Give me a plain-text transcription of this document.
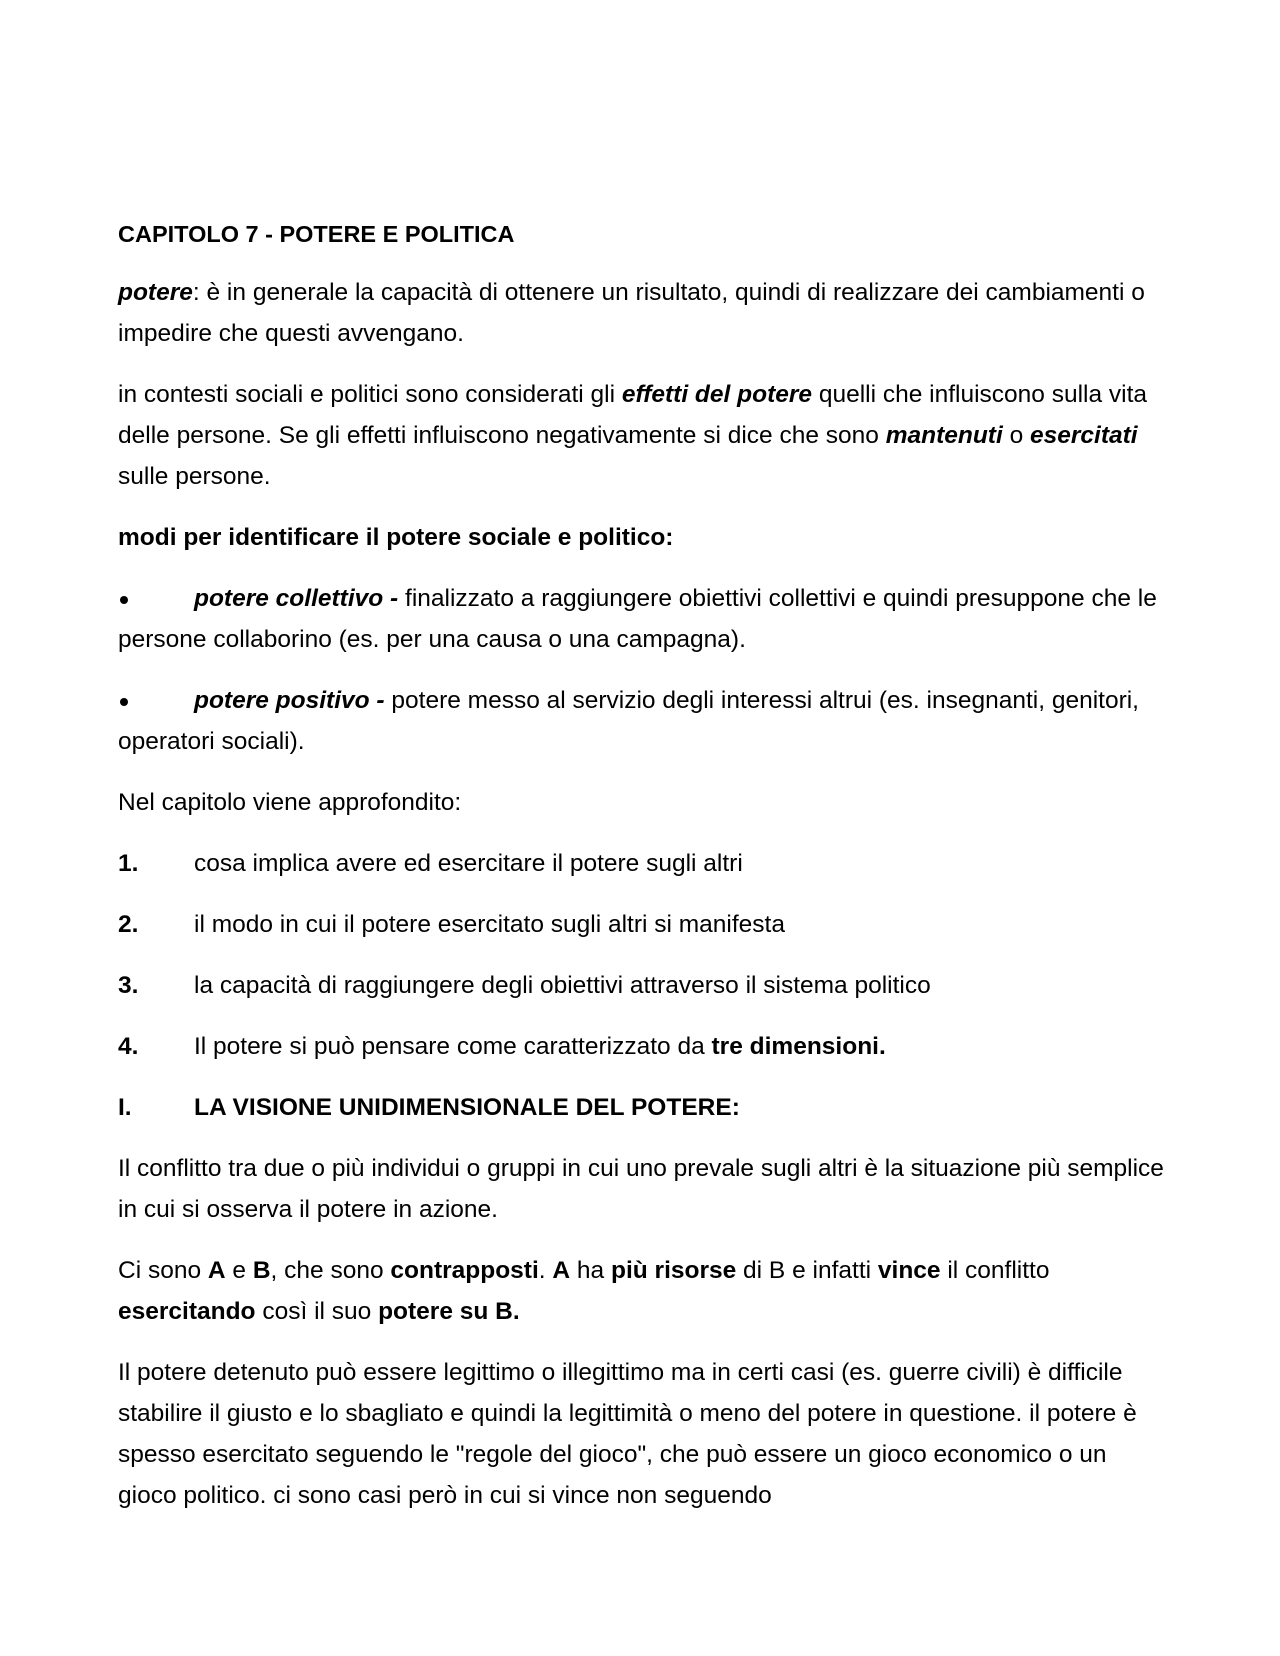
CAPITOLO 7 - POTERE E POLITICA
potere: è in generale la capacità di ottenere un risultato, quindi di realizzare dei cambiamenti o impedire che questi avvengano.
in contesti sociali e politici sono considerati gli effetti del potere quelli che influiscono sulla vita delle persone. Se gli effetti influiscono negativamente si dice che sono mantenuti o esercitati sulle persone.
modi per identificare il potere sociale e politico:
potere collettivo - finalizzato a raggiungere obiettivi collettivi e quindi presuppone che le persone collaborino (es. per una causa o una campagna).
potere positivo - potere messo al servizio degli interessi altrui (es. insegnanti, genitori, operatori sociali).
Nel capitolo viene approfondito:
1.	cosa implica avere ed esercitare il potere sugli altri
2.	il modo in cui il potere esercitato sugli altri si manifesta
3.	la capacità di raggiungere degli obiettivi attraverso il sistema politico
4.	Il potere si può pensare come caratterizzato da tre dimensioni.
I.	LA VISIONE UNIDIMENSIONALE DEL POTERE:
Il conflitto tra due o più individui o gruppi in cui uno prevale sugli altri è la situazione più semplice in cui si osserva il potere in azione.
Ci sono A e B, che sono contrapposti. A ha più risorse di B e infatti vince il conflitto esercitando così il suo potere su B.
Il potere detenuto può essere legittimo o illegittimo ma in certi casi (es. guerre civili) è difficile stabilire il giusto e lo sbagliato e quindi la legittimità o meno del potere in questione. il potere è spesso esercitato seguendo le "regole del gioco", che può essere un gioco economico o un gioco politico. ci sono casi però in cui si vince non seguendo
